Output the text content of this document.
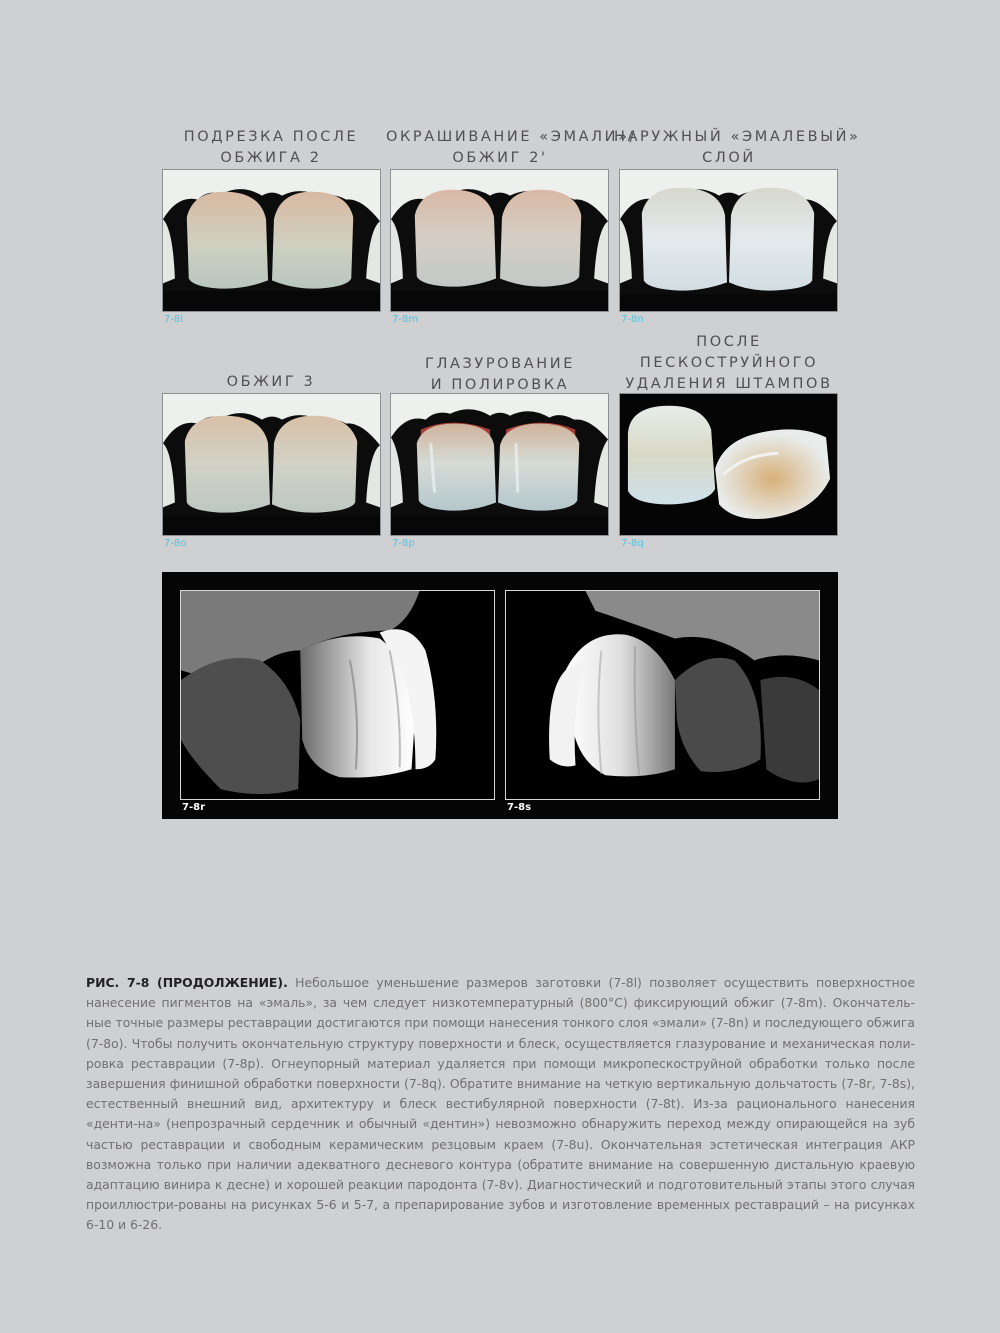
ПОДРЕЗКА ПОСЛЕ
ОБЖИГА 2
ОКРАШИВАНИЕ «ЭМАЛИ»/
ОБЖИГ 2'
НАРУЖНЫЙ «ЭМАЛЕВЫЙ»
СЛОЙ
7-8l	7-8m	7-8n
ОБЖИГ 3
ГЛАЗУРОВАНИЕ
И ПОЛИРОВКА
ПОСЛЕ
ПЕСКОСТРУЙНОГО
УДАЛЕНИЯ ШТАМПОВ
7-8o	7-8p	7-8q
7-8r	7-8s

РИС. 7-8 (ПРОДОЛЖЕНИЕ). Небольшое уменьшение размеров заготовки (7-8l) позволяет осуществить поверхностное нанесение пигментов на «эмаль», за чем следует низкотемпературный (800°C) фиксирующий обжиг (7-8m). Окончатель-ные точные размеры реставрации достигаются при помощи нанесения тонкого слоя «эмали» (7-8n) и последующего обжига (7-8o). Чтобы получить окончательную структуру поверхности и блеск, осуществляется глазурование и механическая поли-ровка реставрации (7-8p). Огнеупорный материал удаляется при помощи микропескоструйной обработки только после завершения финишной обработки поверхности (7-8q). Обратите внимание на четкую вертикальную дольчатость (7-8r, 7-8s), естественный внешний вид, архитектуру и блеск вестибулярной поверхности (7-8t). Из-за рационального нанесения «денти-на» (непрозрачный сердечник и обычный «дентин») невозможно обнаружить переход между опирающейся на зуб частью реставрации и свободным керамическим резцовым краем (7-8u). Окончательная эстетическая интеграция АКР возможна только при наличии адекватного десневого контура (обратите внимание на совершенную дистальную краевую адаптацию винира к десне) и хорошей реакции пародонта (7-8v). Диагностический и подготовительный этапы этого случая проиллюстри-рованы на рисунках 5-6 и 5-7, а препарирование зубов и изготовление временных реставраций – на рисунках 6-10 и 6-26.
